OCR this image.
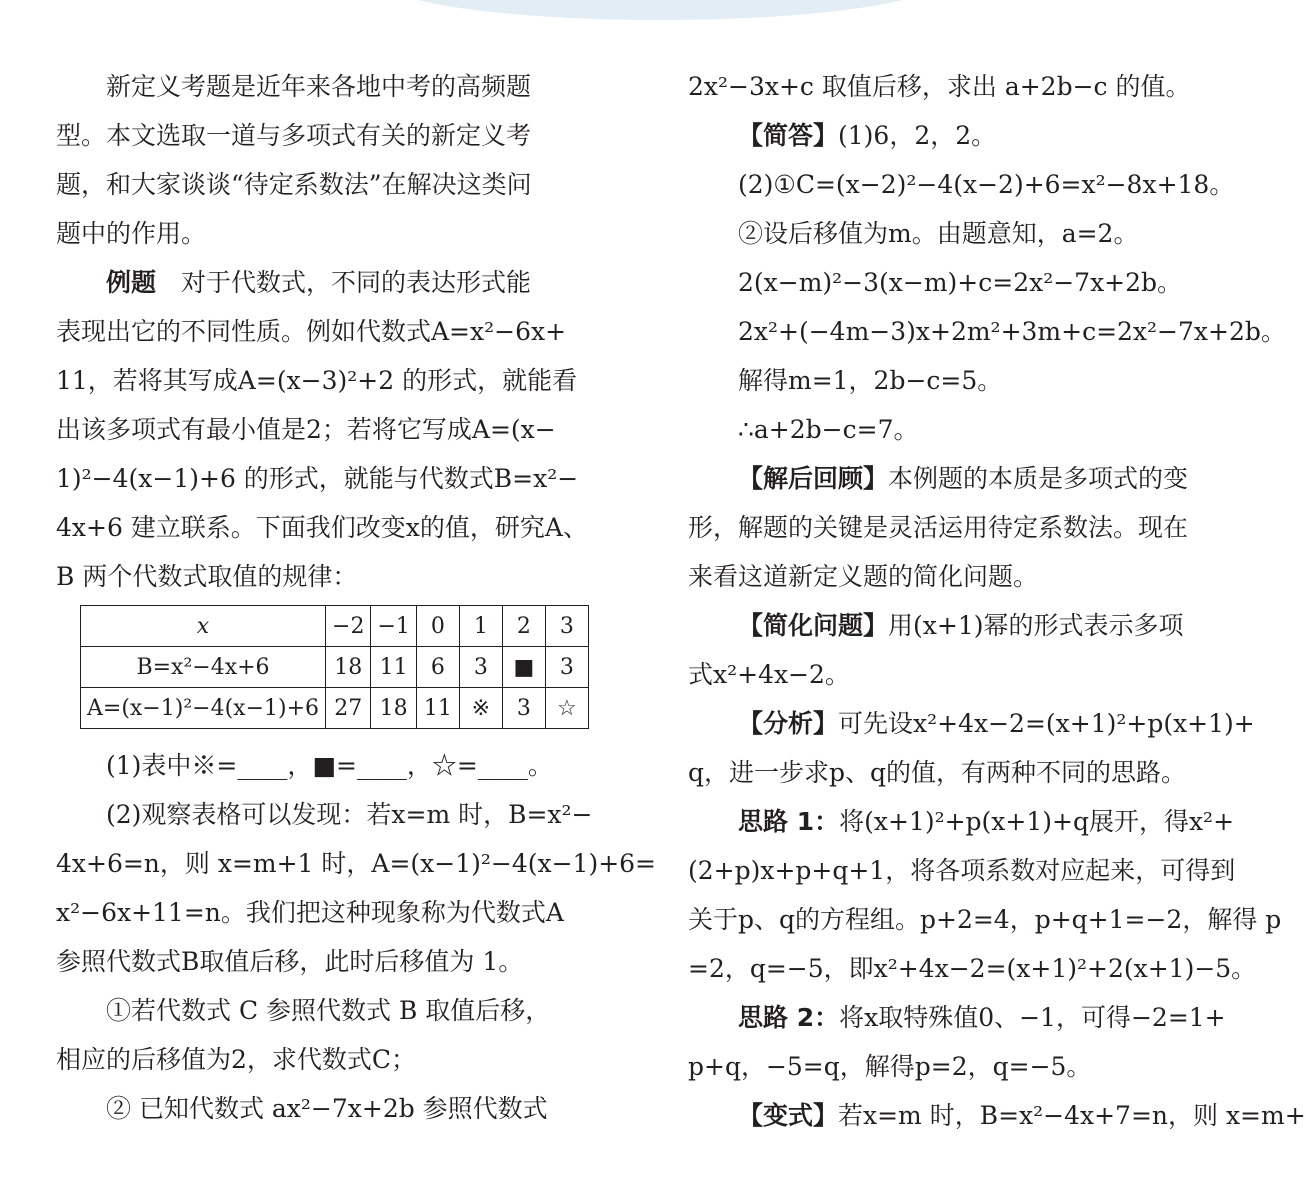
新定义考题是近年来各地中考的高频题
型。本文选取一道与多项式有关的新定义考
题，和大家谈谈“待定系数法”在解决这类问
题中的作用。
例题　对于代数式，不同的表达形式能
表现出它的不同性质。例如代数式A=x²−6x+
11，若将其写成A=(x−3)²+2 的形式，就能看
出该多项式有最小值是2；若将它写成A=(x−
1)²−4(x−1)+6 的形式，就能与代数式B=x²−
4x+6 建立联系。下面我们改变x的值，研究A、
B 两个代数式取值的规律：
x	−2	−1	0	1	2	3
B=x²−4x+6	18	11	6	3	■	3
A=(x−1)²−4(x−1)+6	27	18	11	※	3	☆
(1)表中※=____，■=____，☆=____。
(2)观察表格可以发现：若x=m 时，B=x²−
4x+6=n，则 x=m+1 时，A=(x−1)²−4(x−1)+6=
x²−6x+11=n。我们把这种现象称为代数式A
参照代数式B取值后移，此时后移值为 1。
①若代数式 C 参照代数式 B 取值后移，
相应的后移值为2，求代数式C；
② 已知代数式 ax²−7x+2b 参照代数式
2x²−3x+c 取值后移，求出 a+2b−c 的值。
【简答】(1)6，2，2。
(2)①C=(x−2)²−4(x−2)+6=x²−8x+18。
②设后移值为m。由题意知，a=2。
2(x−m)²−3(x−m)+c=2x²−7x+2b。
2x²+(−4m−3)x+2m²+3m+c=2x²−7x+2b。
解得m=1，2b−c=5。
∴a+2b−c=7。
【解后回顾】本例题的本质是多项式的变
形，解题的关键是灵活运用待定系数法。现在
来看这道新定义题的简化问题。
【简化问题】用(x+1)幂的形式表示多项
式x²+4x−2。
【分析】可先设x²+4x−2=(x+1)²+p(x+1)+
q，进一步求p、q的值，有两种不同的思路。
思路 1：将(x+1)²+p(x+1)+q展开，得x²+
(2+p)x+p+q+1，将各项系数对应起来，可得到
关于p、q的方程组。p+2=4，p+q+1=−2，解得 p
=2，q=−5，即x²+4x−2=(x+1)²+2(x+1)−5。
思路 2：将x取特殊值0、−1，可得−2=1+
p+q，−5=q，解得p=2，q=−5。
【变式】若x=m 时，B=x²−4x+7=n，则 x=m+
